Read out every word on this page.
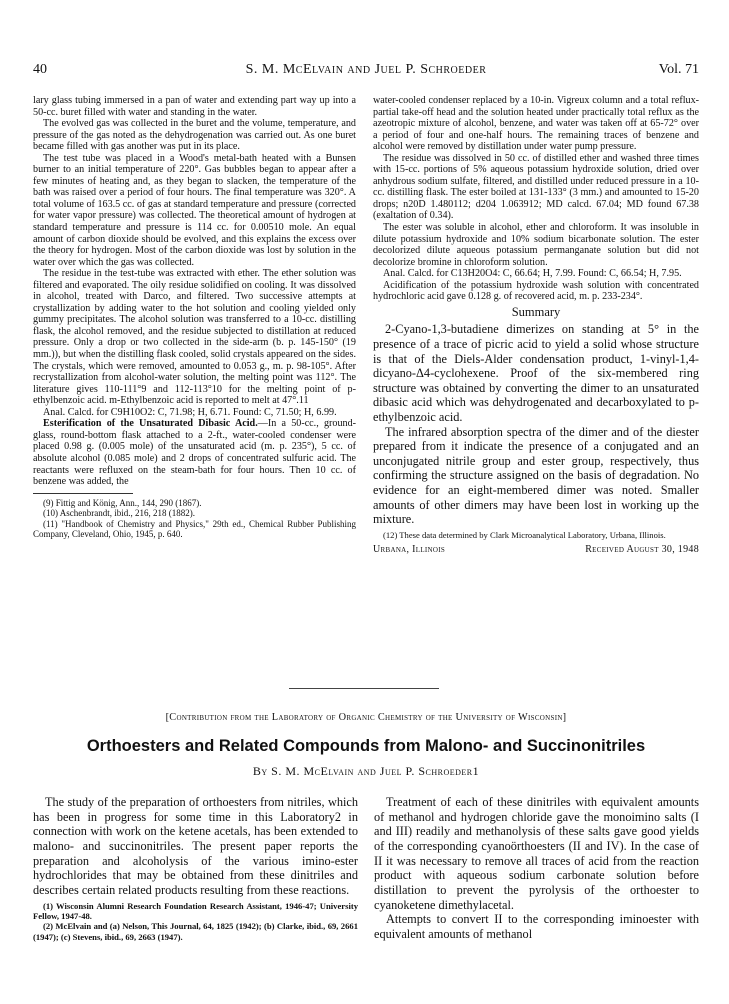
40	S. M. McElvain and Juel P. Schroeder	Vol. 71

lary glass tubing immersed in a pan of water and extending part way up into a 50-cc. buret filled with water and standing in the water.

The evolved gas was collected in the buret and the volume, temperature, and pressure of the gas noted as the dehydrogenation was carried out. As one buret became filled with gas another was put in its place.

The test tube was placed in a Wood's metal-bath heated with a Bunsen burner to an initial temperature of 220°. Gas bubbles began to appear after a few minutes of heating and, as they began to slacken, the temperature of the bath was raised over a period of four hours. The final temperature was 320°. A total volume of 163.5 cc. of gas at standard temperature and pressure (corrected for water vapor pressure) was collected. The theoretical amount of hydrogen at standard temperature and pressure is 114 cc. for 0.00510 mole. An equal amount of carbon dioxide should be evolved, and this explains the excess over the theory for hydrogen. Most of the carbon dioxide was lost by solution in the water over which the gas was collected.

The residue in the test-tube was extracted with ether. The ether solution was filtered and evaporated. The oily residue solidified on cooling. It was dissolved in alcohol, treated with Darco, and filtered. Two successive attempts at crystallization by adding water to the hot solution and cooling yielded only gummy precipitates. The alcohol solution was transferred to a 10-cc. distilling flask, the alcohol removed, and the residue subjected to distillation at reduced pressure. Only a drop or two collected in the side-arm (b. p. 145-150° (19 mm.)), but when the distilling flask cooled, solid crystals appeared on the sides. The crystals, which were removed, amounted to 0.053 g., m. p. 98-105°. After recrystallization from alcohol-water solution, the melting point was 112°. The literature gives 110-111°9 and 112-113°10 for the melting point of p-ethylbenzoic acid. m-Ethylbenzoic acid is reported to melt at 47°.11

Anal. Calcd. for C9H10O2: C, 71.98; H, 6.71. Found: C, 71.50; H, 6.99.

Esterification of the Unsaturated Dibasic Acid.—In a 50-cc., ground-glass, round-bottom flask attached to a 2-ft., water-cooled condenser were placed 0.98 g. (0.005 mole) of the unsaturated acid (m. p. 235°), 5 cc. of absolute alcohol (0.085 mole) and 2 drops of concentrated sulfuric acid. The reactants were refluxed on the steam-bath for four hours. Then 10 cc. of benzene was added, the

(9) Fittig and König, Ann., 144, 290 (1867).
(10) Aschenbrandt, ibid., 216, 218 (1882).
(11) "Handbook of Chemistry and Physics," 29th ed., Chemical Rubber Publishing Company, Cleveland, Ohio, 1945, p. 640.

water-cooled condenser replaced by a 10-in. Vigreux column and a total reflux-partial take-off head and the solution heated under practically total reflux as the azeotropic mixture of alcohol, benzene, and water was taken off at 65-72° over a period of four and one-half hours. The remaining traces of benzene and alcohol were removed by distillation under water pump pressure.

The residue was dissolved in 50 cc. of distilled ether and washed three times with 15-cc. portions of 5% aqueous potassium hydroxide solution, dried over anhydrous sodium sulfate, filtered, and distilled under reduced pressure in a 10-cc. distilling flask. The ester boiled at 131-133° (3 mm.) and amounted to 15-20 drops; n20D 1.480112; d204 1.063912; MD calcd. 67.04; MD found 67.38 (exaltation of 0.34).

The ester was soluble in alcohol, ether and chloroform. It was insoluble in dilute potassium hydroxide and 10% sodium bicarbonate solution. The ester decolorized dilute aqueous potassium permanganate solution but did not decolorize bromine in chloroform solution.

Anal. Calcd. for C13H20O4: C, 66.64; H, 7.99. Found: C, 66.54; H, 7.95.

Acidification of the potassium hydroxide wash solution with concentrated hydrochloric acid gave 0.128 g. of recovered acid, m. p. 233-234°.

Summary

2-Cyano-1,3-butadiene dimerizes on standing at 5° in the presence of a trace of picric acid to yield a solid whose structure is that of the Diels-Alder condensation product, 1-vinyl-1,4-dicyano-Δ4-cyclohexene. Proof of the six-membered ring structure was obtained by converting the dimer to an unsaturated dibasic acid which was dehydrogenated and decarboxylated to p-ethylbenzoic acid.

The infrared absorption spectra of the dimer and of the diester prepared from it indicate the presence of a conjugated and an unconjugated nitrile group and ester group, respectively, thus confirming the structure assigned on the basis of degradation. No evidence for an eight-membered dimer was noted. Smaller amounts of other dimers may have been lost in working up the mixture.

(12) These data determined by Clark Microanalytical Laboratory, Urbana, Illinois.
Urbana, Illinois	Received August 30, 1948
[Contribution from the Laboratory of Organic Chemistry of the University of Wisconsin]
Orthoesters and Related Compounds from Malono- and Succinonitriles
By S. M. McElvain and Juel P. Schroeder1

The study of the preparation of orthoesters from nitriles, which has been in progress for some time in this Laboratory2 in connection with work on the ketene acetals, has been extended to malono- and succinonitriles. The present paper reports the preparation and alcoholysis of the various imino-ester hydrochlorides that may be obtained from these dinitriles and describes certain related products resulting from these reactions.

(1) Wisconsin Alumni Research Foundation Research Assistant, 1946-47; University Fellow, 1947-48.
(2) McElvain and (a) Nelson, This Journal, 64, 1825 (1942); (b) Clarke, ibid., 69, 2661 (1947); (c) Stevens, ibid., 69, 2663 (1947).

Treatment of each of these dinitriles with equivalent amounts of methanol and hydrogen chloride gave the monoimino salts (I and III) readily and methanolysis of these salts gave good yields of the corresponding cyanoörthoesters (II and IV). In the case of II it was necessary to remove all traces of acid from the reaction product with aqueous sodium carbonate solution before distillation to prevent the pyrolysis of the orthoester to cyanoketene dimethylacetal.

Attempts to convert II to the corresponding iminoester with equivalent amounts of methanol
